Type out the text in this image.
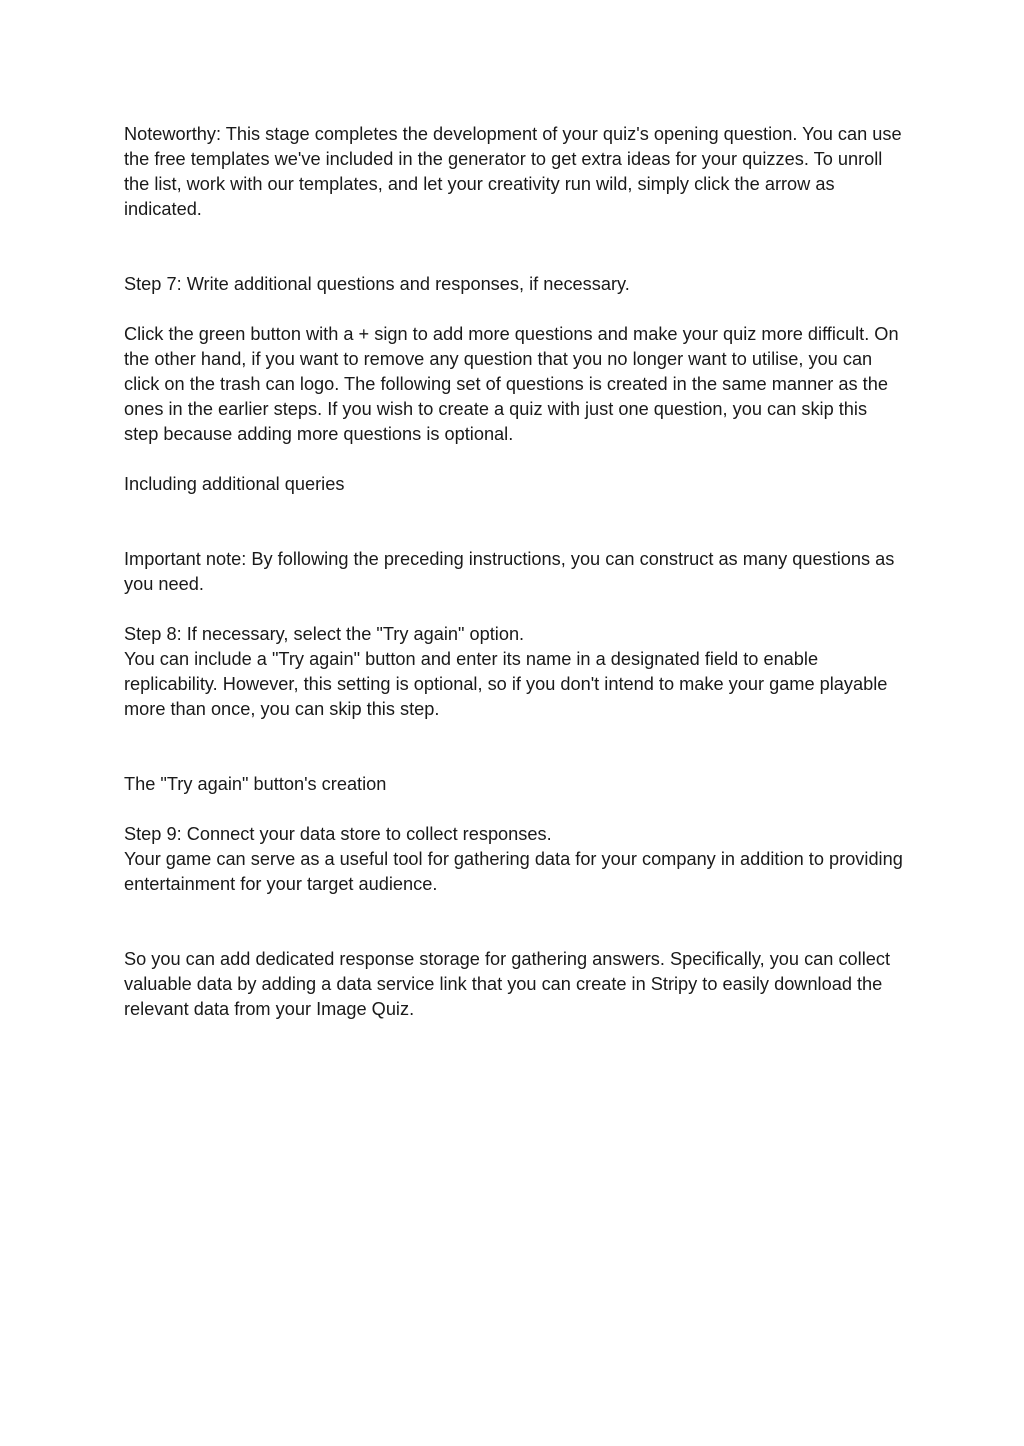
Noteworthy: This stage completes the development of your quiz's opening question. You can use the free templates we've included in the generator to get extra ideas for your quizzes. To unroll the list, work with our templates, and let your creativity run wild, simply click the arrow as indicated.

Step 7: Write additional questions and responses, if necessary.

Click the green button with a + sign to add more questions and make your quiz more difficult. On the other hand, if you want to remove any question that you no longer want to utilise, you can click on the trash can logo. The following set of questions is created in the same manner as the ones in the earlier steps. If you wish to create a quiz with just one question, you can skip this step because adding more questions is optional.

Including additional queries

Important note: By following the preceding instructions, you can construct as many questions as you need.

Step 8: If necessary, select the "Try again" option.

You can include a "Try again" button and enter its name in a designated field to enable replicability. However, this setting is optional, so if you don't intend to make your game playable more than once, you can skip this step.

The "Try again" button's creation

Step 9: Connect your data store to collect responses.

Your game can serve as a useful tool for gathering data for your company in addition to providing entertainment for your target audience.

So you can add dedicated response storage for gathering answers. Specifically, you can collect valuable data by adding a data service link that you can create in Stripy to easily download the relevant data from your Image Quiz.
